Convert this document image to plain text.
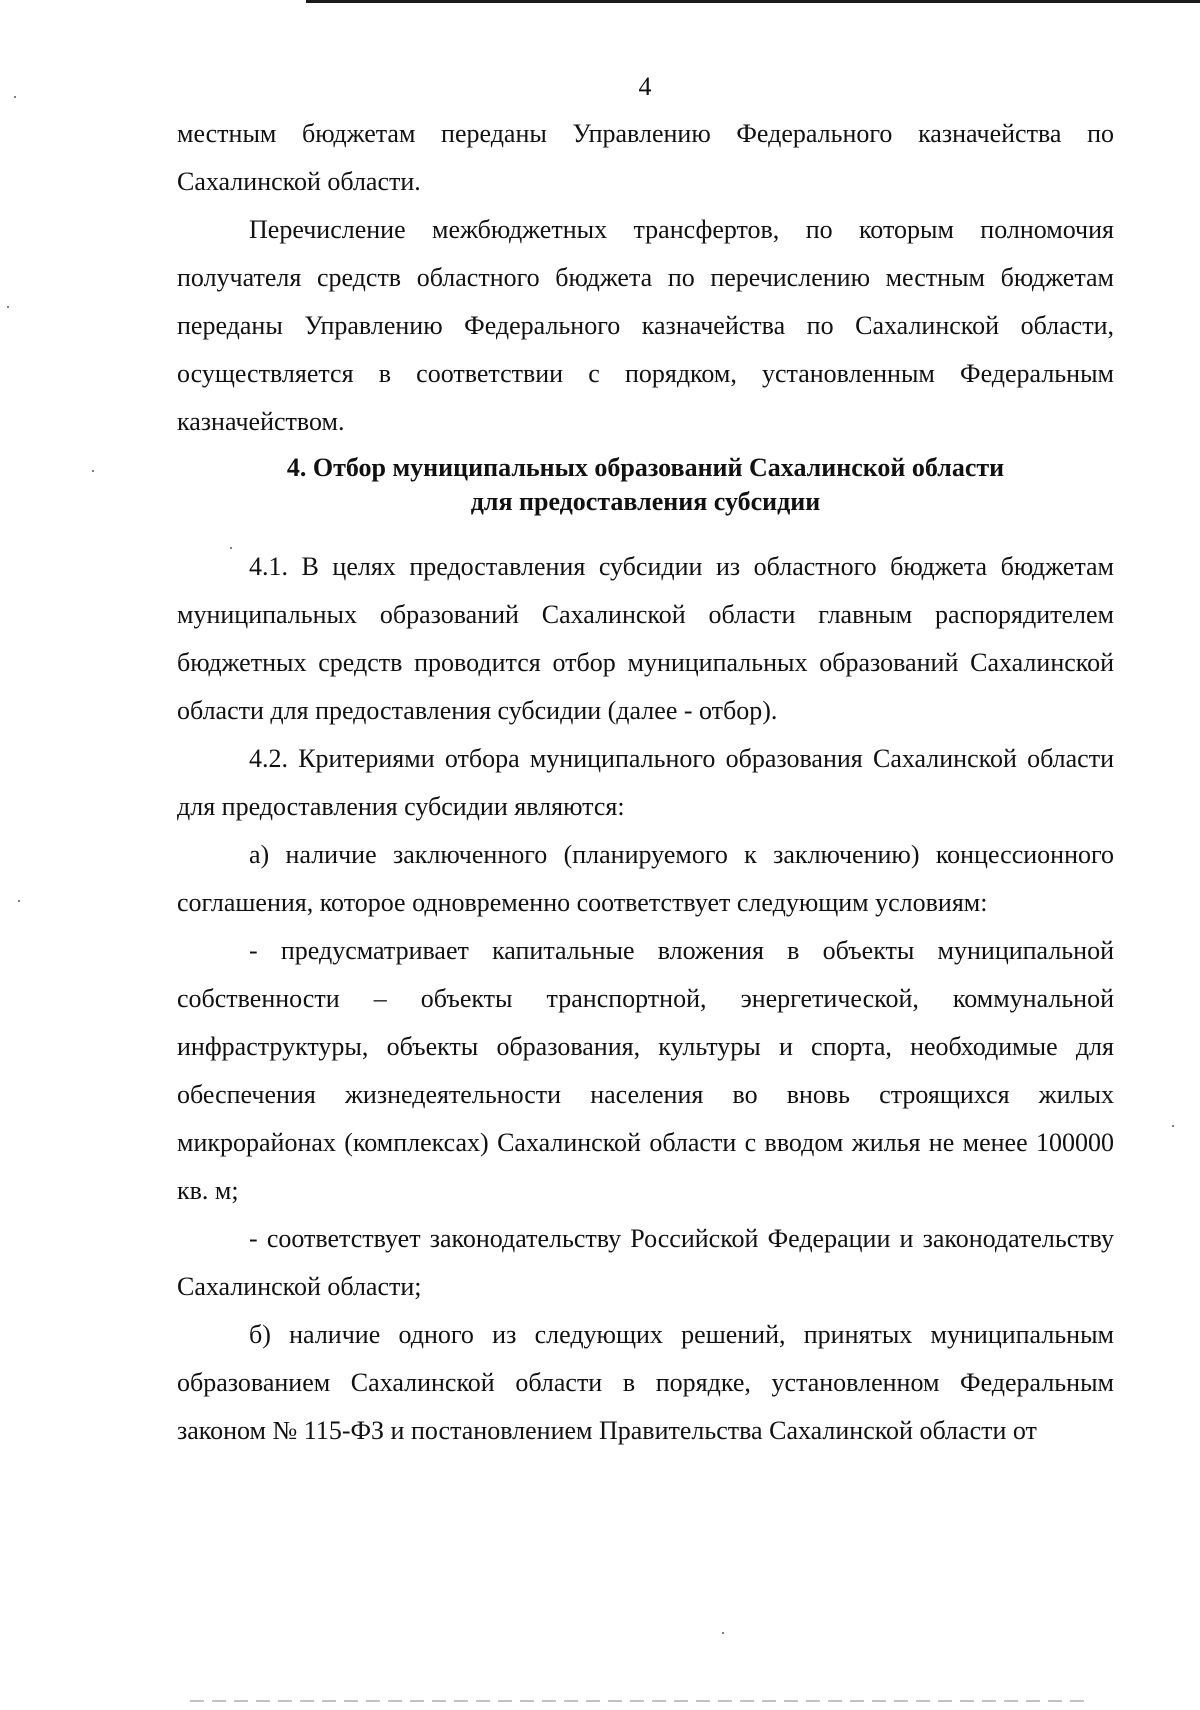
4

местным бюджетам переданы Управлению Федерального казначейства по Сахалинской области.

Перечисление межбюджетных трансфертов, по которым полномочия получателя средств областного бюджета по перечислению местным бюджетам переданы Управлению Федерального казначейства по Сахалинской области, осуществляется в соответствии с порядком, установленным Федеральным казначейством.

4. Отбор муниципальных образований Сахалинской области
для предоставления субсидии

4.1. В целях предоставления субсидии из областного бюджета бюджетам муниципальных образований Сахалинской области главным распорядителем бюджетных средств проводится отбор муниципальных образований Сахалинской области для предоставления субсидии (далее - отбор).

4.2. Критериями отбора муниципального образования Сахалинской области для предоставления субсидии являются:

а) наличие заключенного (планируемого к заключению) концессионного соглашения, которое одновременно соответствует следующим условиям:

- предусматривает капитальные вложения в объекты муниципальной собственности – объекты транспортной, энергетической, коммунальной инфраструктуры, объекты образования, культуры и спорта, необходимые для обеспечения жизнедеятельности населения во вновь строящихся жилых микрорайонах (комплексах) Сахалинской области с вводом жилья не менее 100000 кв. м;

- соответствует законодательству Российской Федерации и законодательству Сахалинской области;

б) наличие одного из следующих решений, принятых муниципальным образованием Сахалинской области в порядке, установленном Федеральным законом № 115-ФЗ и постановлением Правительства Сахалинской области от
